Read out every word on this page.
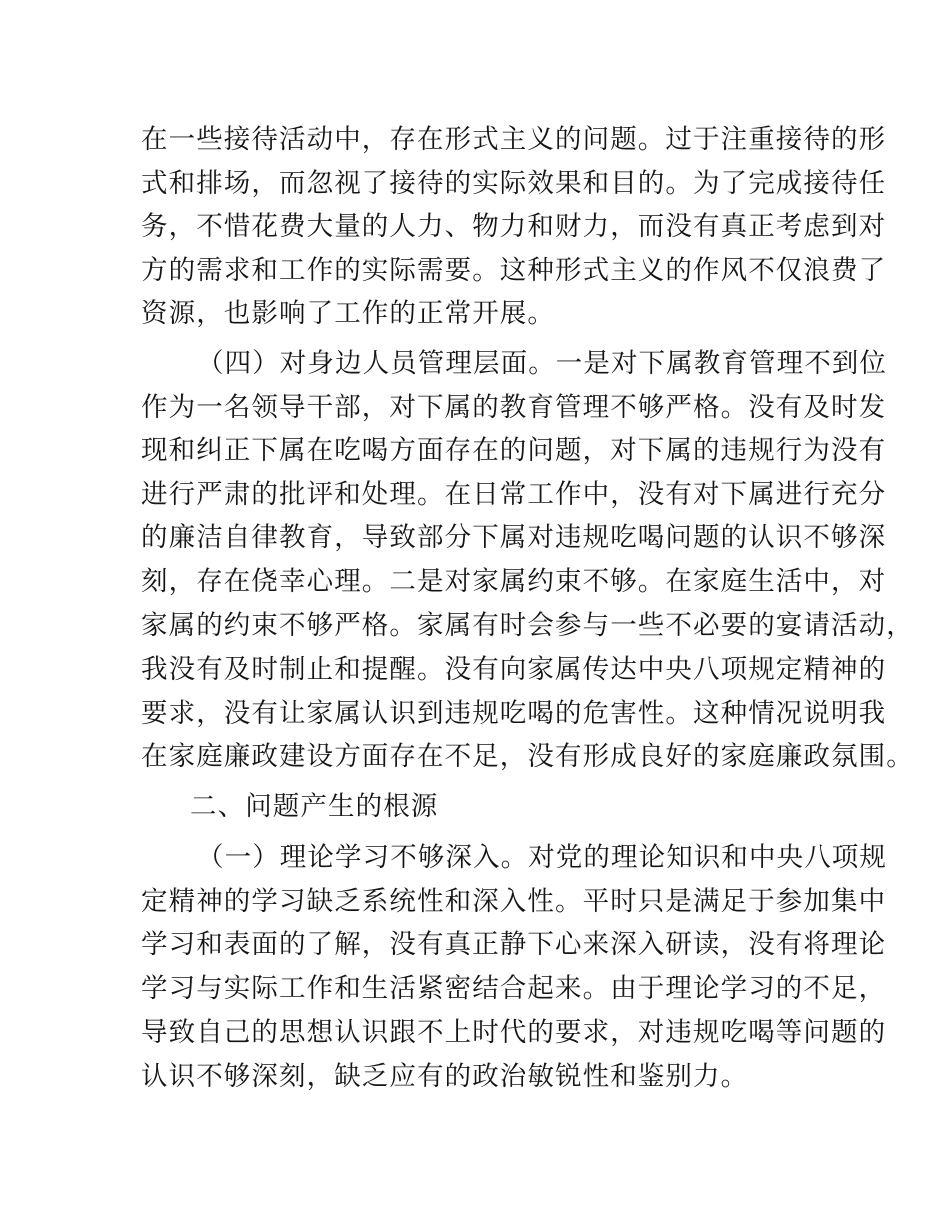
在一些接待活动中，存在形式主义的问题。过于注重接待的形
式和排场，而忽视了接待的实际效果和目的。为了完成接待任
务，不惜花费大量的人力、物力和财力，而没有真正考虑到对
方的需求和工作的实际需要。这种形式主义的作风不仅浪费了
资源，也影响了工作的正常开展。
（四）对身边人员管理层面。一是对下属教育管理不到位
作为一名领导干部，对下属的教育管理不够严格。没有及时发
现和纠正下属在吃喝方面存在的问题，对下属的违规行为没有
进行严肃的批评和处理。在日常工作中，没有对下属进行充分
的廉洁自律教育，导致部分下属对违规吃喝问题的认识不够深
刻，存在侥幸心理。二是对家属约束不够。在家庭生活中，对
家属的约束不够严格。家属有时会参与一些不必要的宴请活动，
我没有及时制止和提醒。没有向家属传达中央八项规定精神的
要求，没有让家属认识到违规吃喝的危害性。这种情况说明我
在家庭廉政建设方面存在不足，没有形成良好的家庭廉政氛围。
二、问题产生的根源
（一）理论学习不够深入。对党的理论知识和中央八项规
定精神的学习缺乏系统性和深入性。平时只是满足于参加集中
学习和表面的了解，没有真正静下心来深入研读，没有将理论
学习与实际工作和生活紧密结合起来。由于理论学习的不足，
导致自己的思想认识跟不上时代的要求，对违规吃喝等问题的
认识不够深刻，缺乏应有的政治敏锐性和鉴别力。
